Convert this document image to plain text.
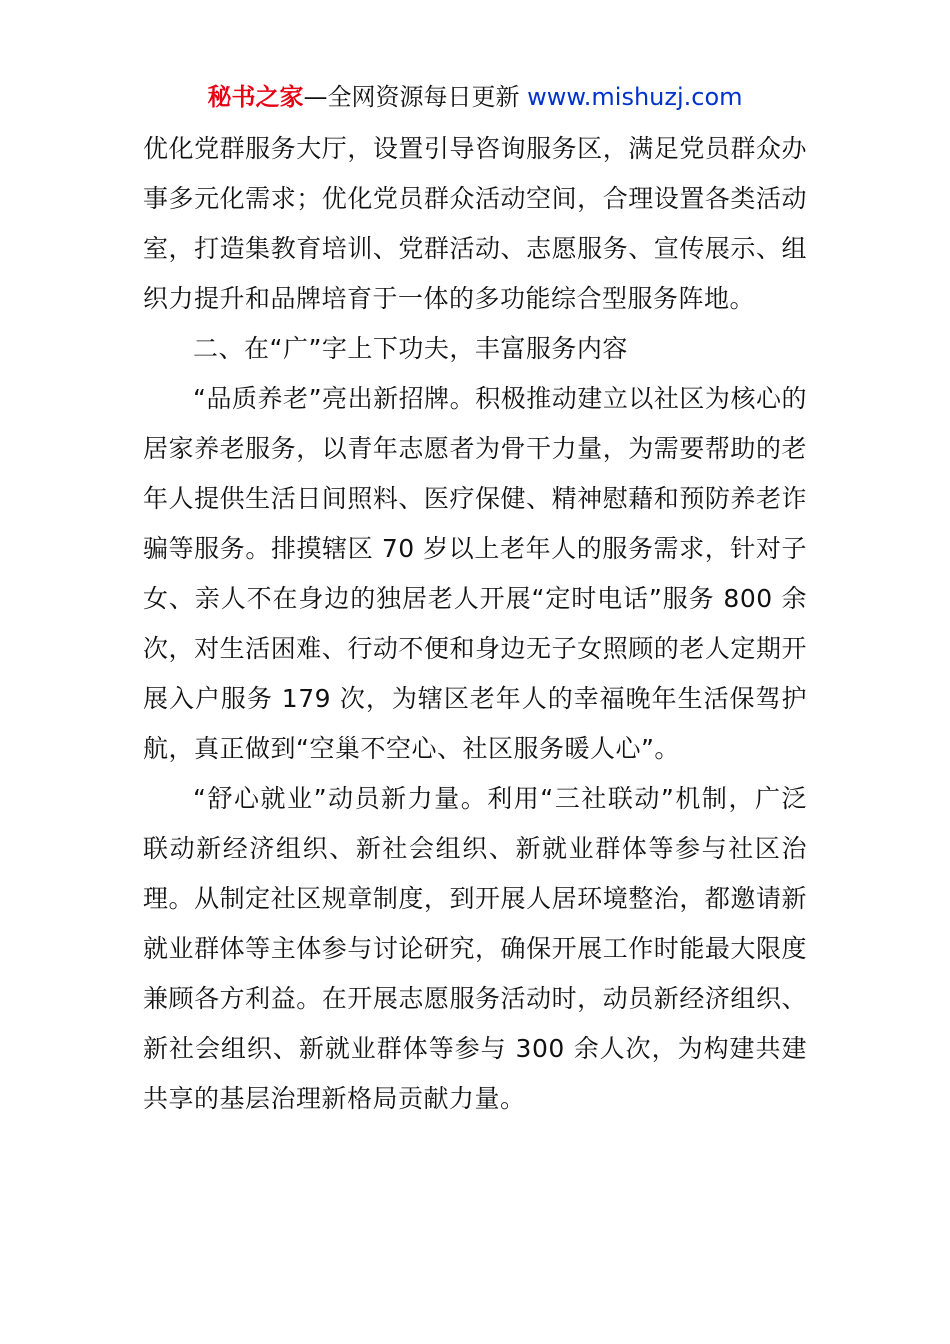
秘书之家—全网资源每日更新 www.mishuzj.com

优化党群服务大厅，设置引导咨询服务区，满足党员群众办事多元化需求；优化党员群众活动空间，合理设置各类活动室，打造集教育培训、党群活动、志愿服务、宣传展示、组织力提升和品牌培育于一体的多功能综合型服务阵地。

二、在“广”字上下功夫，丰富服务内容

“品质养老”亮出新招牌。积极推动建立以社区为核心的居家养老服务，以青年志愿者为骨干力量，为需要帮助的老年人提供生活日间照料、医疗保健、精神慰藉和预防养老诈骗等服务。排摸辖区 70 岁以上老年人的服务需求，针对子女、亲人不在身边的独居老人开展“定时电话”服务 800 余次，对生活困难、行动不便和身边无子女照顾的老人定期开展入户服务 179 次，为辖区老年人的幸福晚年生活保驾护航，真正做到“空巢不空心、社区服务暖人心”。

“舒心就业”动员新力量。利用“三社联动”机制，广泛联动新经济组织、新社会组织、新就业群体等参与社区治理。从制定社区规章制度，到开展人居环境整治，都邀请新就业群体等主体参与讨论研究，确保开展工作时能最大限度兼顾各方利益。在开展志愿服务活动时，动员新经济组织、新社会组织、新就业群体等参与 300 余人次，为构建共建共享的基层治理新格局贡献力量。
